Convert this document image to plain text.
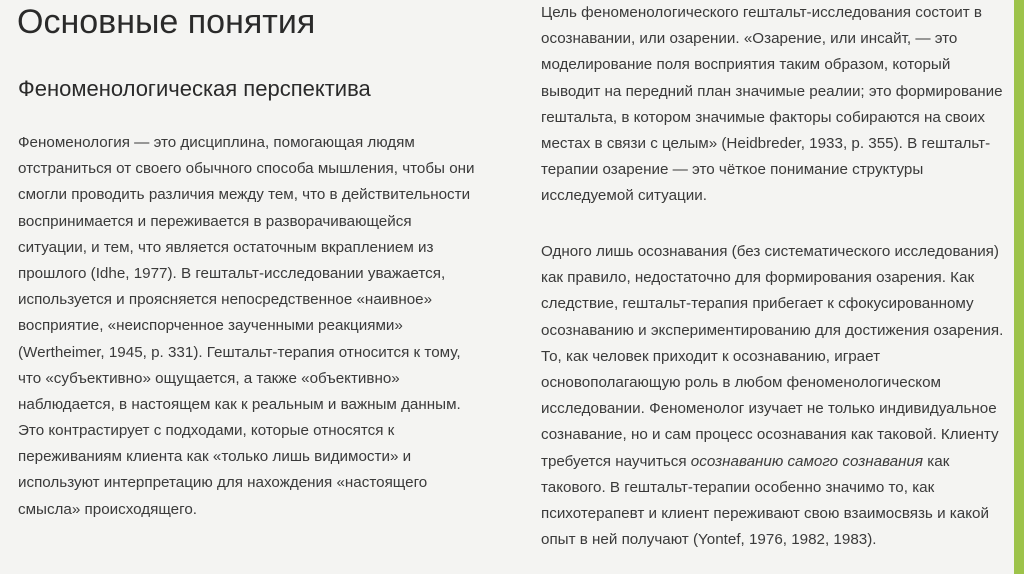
Основные понятия
Феноменологическая перспектива
Феноменология — это дисциплина, помогающая людям
отстраниться от своего обычного способа мышления, чтобы они
смогли проводить различия между тем, что в действительности
воспринимается и переживается в разворачивающейся
ситуации, и тем, что является остаточным вкраплением из
прошлого (Idhe, 1977). В гештальт-исследовании уважается,
используется и проясняется непосредственное «наивное»
восприятие, «неиспорченное заученными реакциями»
(Wertheimer, 1945, p. 331). Гештальт-терапия относится к тому,
что «субъективно» ощущается, а также «объективно»
наблюдается, в настоящем как к реальным и важным данным.
Это контрастирует с подходами, которые относятся к
переживаниям клиента как «только лишь видимости» и
используют интерпретацию для нахождения «настоящего
смысла» происходящего.
Цель феноменологического гештальт-исследования состоит в
осознавании, или озарении. «Озарение, или инсайт, — это
моделирование поля восприятия таким образом, который
выводит на передний план значимые реалии; это формирование
гештальта, в котором значимые факторы собираются на своих
местах в связи с целым» (Heidbreder, 1933, p. 355). В гештальт-
терапии озарение — это чёткое понимание структуры
исследуемой ситуации.
Одного лишь осознавания (без систематического исследования)
как правило, недостаточно для формирования озарения. Как
следствие, гештальт-терапия прибегает к сфокусированному
осознаванию и экспериментированию для достижения озарения.
То, как человек приходит к осознаванию, играет
основополагающую роль в любом феноменологическом
исследовании. Феноменолог изучает не только индивидуальное
сознавание, но и сам процесс осознавания как таковой. Клиенту
требуется научиться осознаванию самого сознавания как
такового. В гештальт-терапии особенно значимо то, как
психотерапевт и клиент переживают свою взаимосвязь и какой
опыт в ней получают (Yontef, 1976, 1982, 1983).
